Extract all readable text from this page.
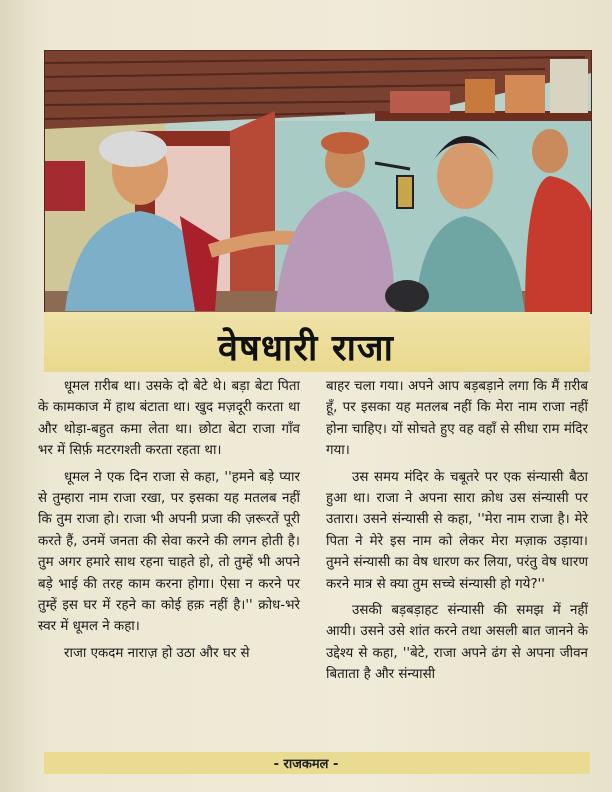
वेषधारी राजा

धूमल ग़रीब था। उसके दो बेटे थे। बड़ा बेटा पिता के कामकाज में हाथ बंटाता था। खुद मज़दूरी करता था और थोड़ा-बहुत कमा लेता था। छोटा बेटा राजा गाँव भर में सिर्फ़ मटरगश्ती करता रहता था।

धूमल ने एक दिन राजा से कहा, ''हमने बड़े प्यार से तुम्हारा नाम राजा रखा, पर इसका यह मतलब नहीं कि तुम राजा हो। राजा भी अपनी प्रजा की ज़रूरतें पूरी करते हैं, उनमें जनता की सेवा करने की लगन होती है। तुम अगर हमारे साथ रहना चाहते हो, तो तुम्हें भी अपने बड़े भाई की तरह काम करना होगा। ऐसा न करने पर तुम्हें इस घर में रहने का कोई हक़ नहीं है।'' क्रोध-भरे स्वर में धूमल ने कहा।

राजा एकदम नाराज़ हो उठा और घर से

बाहर चला गया। अपने आप बड़बड़ाने लगा कि मैं ग़रीब हूँ, पर इसका यह मतलब नहीं कि मेरा नाम राजा नहीं होना चाहिए। यों सोचते हुए वह वहाँ से सीधा राम मंदिर गया।

उस समय मंदिर के चबूतरे पर एक संन्यासी बैठा हुआ था। राजा ने अपना सारा क्रोध उस संन्यासी पर उतारा। उसने संन्यासी से कहा, ''मेरा नाम राजा है। मेरे पिता ने मेरे इस नाम को लेकर मेरा मज़ाक उड़ाया। तुमने संन्यासी का वेष धारण कर लिया, परंतु वेष धारण करने मात्र से क्या तुम सच्चे संन्यासी हो गये?''

उसकी बड़बड़ाहट संन्यासी की समझ में नहीं आयी। उसने उसे शांत करने तथा असली बात जानने के उद्देश्य से कहा, ''बेटे, राजा अपने ढंग से अपना जीवन बिताता है और संन्यासी

- राजकमल -
